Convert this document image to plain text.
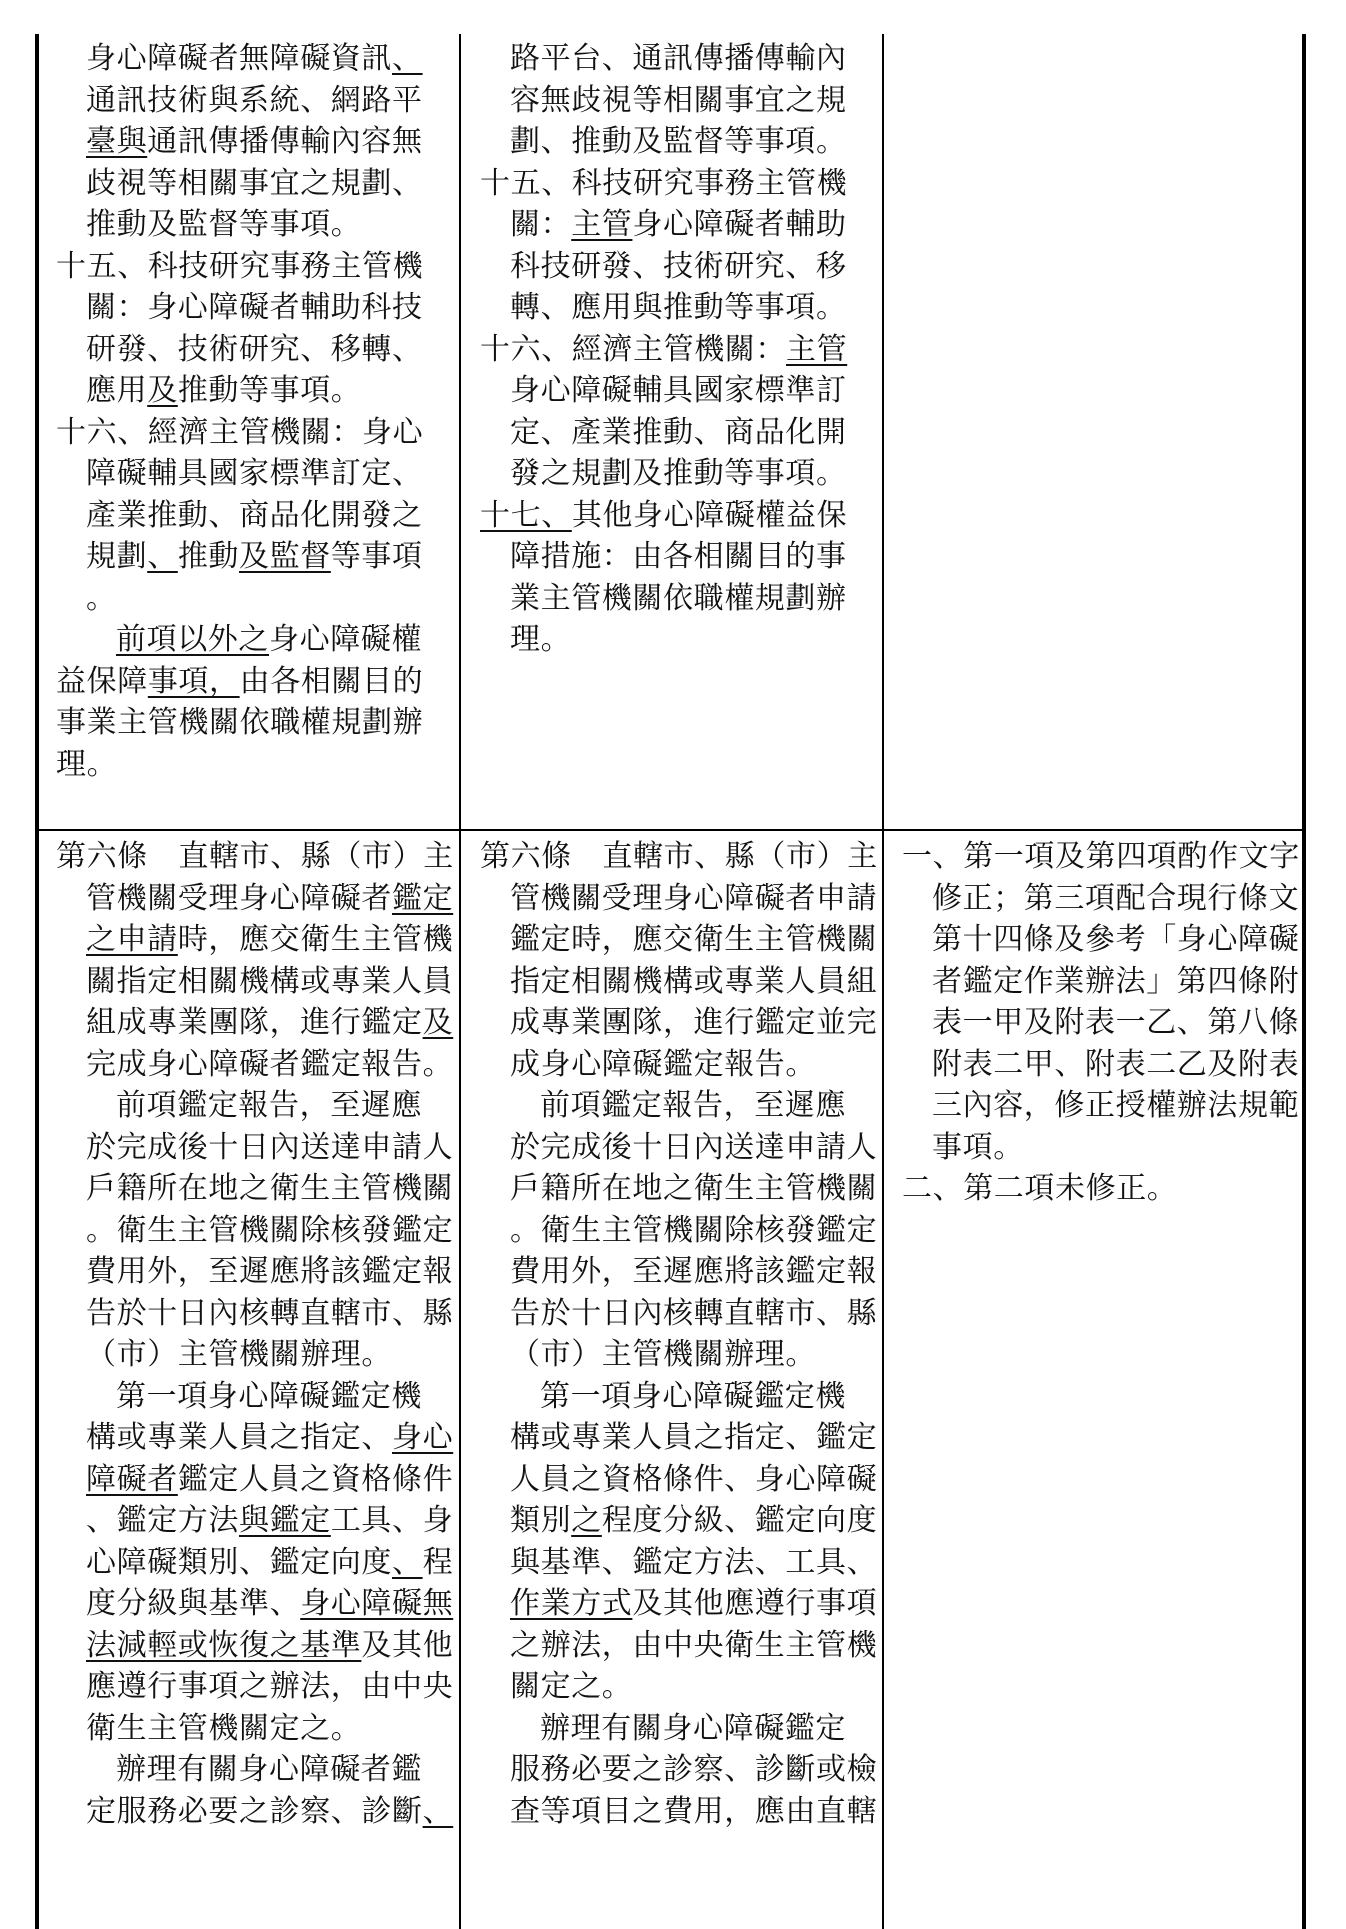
身心障礙者無障礙資訊、
通訊技術與系統、網路平
臺與通訊傳播傳輸內容無
歧視等相關事宜之規劃、
推動及監督等事項。
十五、科技研究事務主管機
關：身心障礙者輔助科技
研發、技術研究、移轉、
應用及推動等事項。
十六、經濟主管機關：身心
障礙輔具國家標準訂定、
產業推動、商品化開發之
規劃、推動及監督等事項
。
前項以外之身心障礙權
益保障事項，由各相關目的
事業主管機關依職權規劃辦
理。
路平台、通訊傳播傳輸內
容無歧視等相關事宜之規
劃、推動及監督等事項。
十五、科技研究事務主管機
關：主管身心障礙者輔助
科技研發、技術研究、移
轉、應用與推動等事項。
十六、經濟主管機關：主管
身心障礙輔具國家標準訂
定、產業推動、商品化開
發之規劃及推動等事項。
十七、其他身心障礙權益保
障措施：由各相關目的事
業主管機關依職權規劃辦
理。
第六條　直轄市、縣（市）主
管機關受理身心障礙者鑑定
之申請時，應交衛生主管機
關指定相關機構或專業人員
組成專業團隊，進行鑑定及
完成身心障礙者鑑定報告。
前項鑑定報告，至遲應
於完成後十日內送達申請人
戶籍所在地之衛生主管機關
。衛生主管機關除核發鑑定
費用外，至遲應將該鑑定報
告於十日內核轉直轄市、縣
（市）主管機關辦理。
第一項身心障礙鑑定機
構或專業人員之指定、身心
障礙者鑑定人員之資格條件
、鑑定方法與鑑定工具、身
心障礙類別、鑑定向度、程
度分級與基準、身心障礙無
法減輕或恢復之基準及其他
應遵行事項之辦法，由中央
衛生主管機關定之。
辦理有關身心障礙者鑑
定服務必要之診察、診斷、
第六條　直轄市、縣（市）主
管機關受理身心障礙者申請
鑑定時，應交衛生主管機關
指定相關機構或專業人員組
成專業團隊，進行鑑定並完
成身心障礙鑑定報告。
前項鑑定報告，至遲應
於完成後十日內送達申請人
戶籍所在地之衛生主管機關
。衛生主管機關除核發鑑定
費用外，至遲應將該鑑定報
告於十日內核轉直轄市、縣
（市）主管機關辦理。
第一項身心障礙鑑定機
構或專業人員之指定、鑑定
人員之資格條件、身心障礙
類別之程度分級、鑑定向度
與基準、鑑定方法、工具、
作業方式及其他應遵行事項
之辦法，由中央衛生主管機
關定之。
辦理有關身心障礙鑑定
服務必要之診察、診斷或檢
查等項目之費用，應由直轄
一、第一項及第四項酌作文字
修正；第三項配合現行條文
第十四條及參考「身心障礙
者鑑定作業辦法」第四條附
表一甲及附表一乙、第八條
附表二甲、附表二乙及附表
三內容，修正授權辦法規範
事項。
二、第二項未修正。
